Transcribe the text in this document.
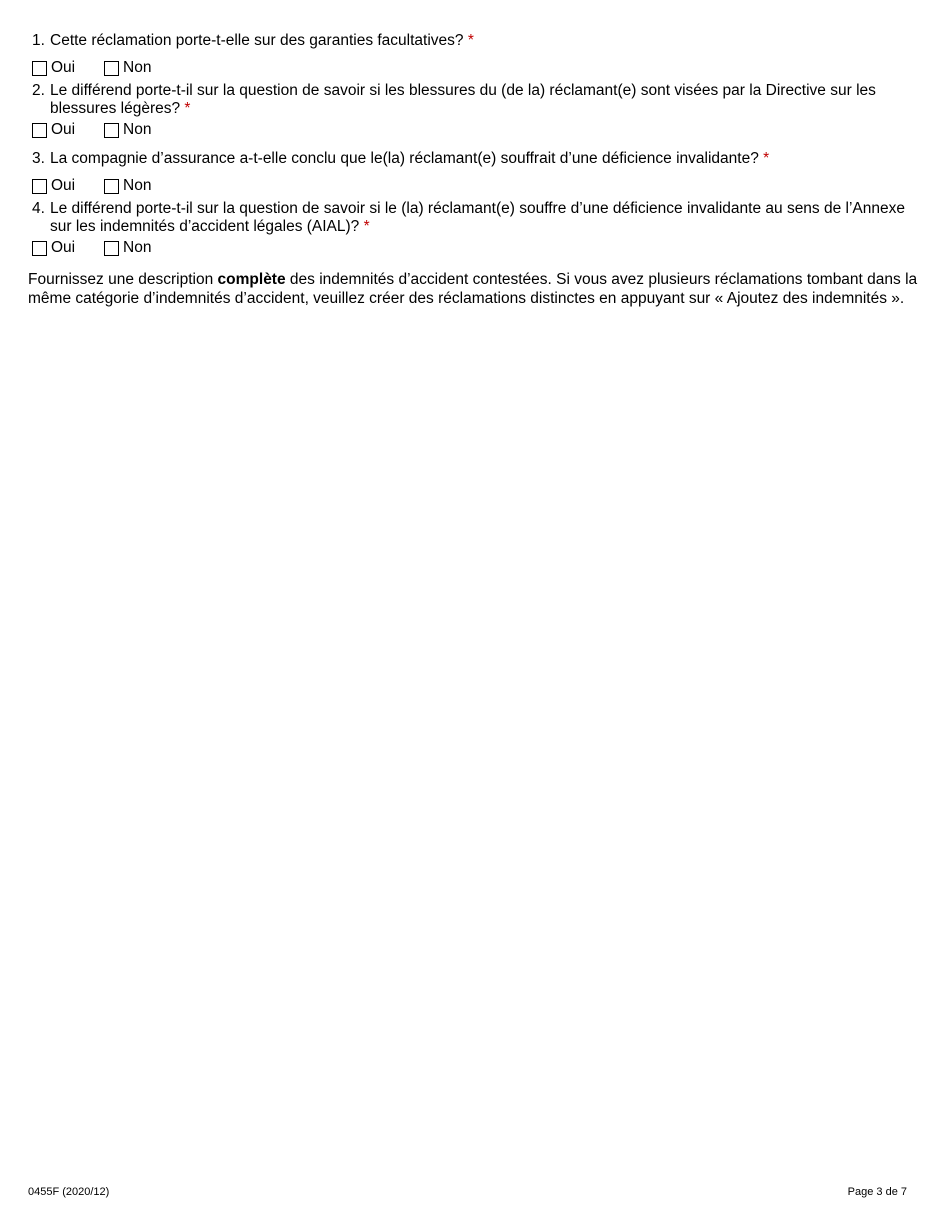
1. Cette réclamation porte-t-elle sur des garanties facultatives? *
Oui	Non
2. Le différend porte-t-il sur la question de savoir si les blessures du (de la) réclamant(e) sont visées par la Directive sur les blessures légères? *
Oui	Non
3. La compagnie d’assurance a-t-elle conclu que le(la) réclamant(e) souffrait d’une déficience invalidante? *
Oui	Non
4. Le différend porte-t-il sur la question de savoir si le (la) réclamant(e) souffre d’une déficience invalidante au sens de l’Annexe sur les indemnités d’accident légales (AIAL)? *
Oui	Non
Fournissez une description complète des indemnités d’accident contestées. Si vous avez plusieurs réclamations tombant dans la même catégorie d’indemnités d’accident, veuillez créer des réclamations distinctes en appuyant sur « Ajoutez des indemnités ».
0455F (2020/12)	Page 3 de 7
